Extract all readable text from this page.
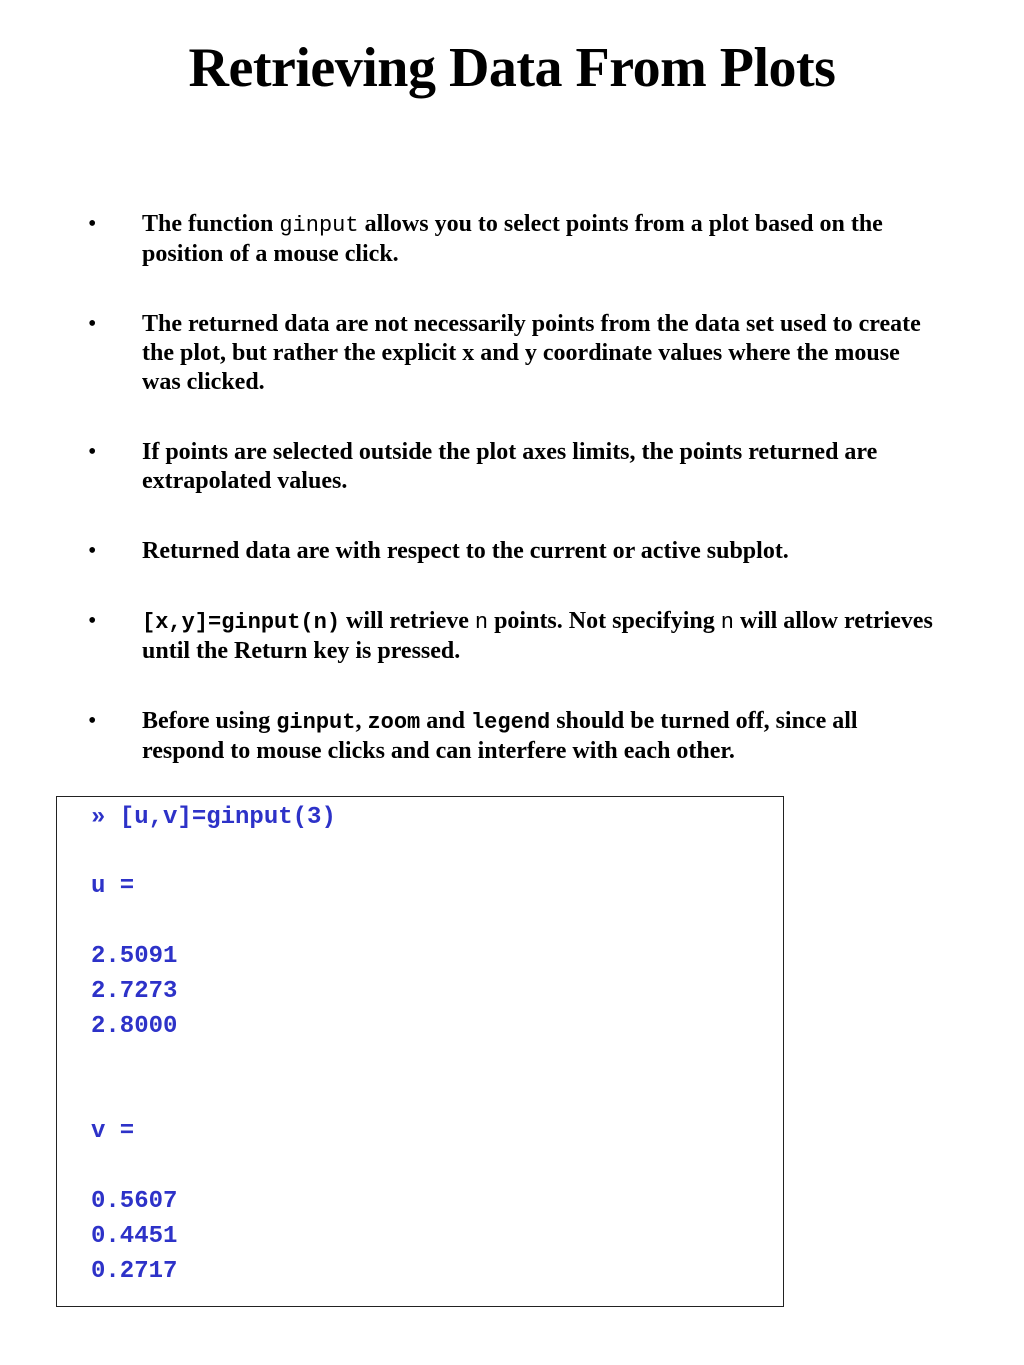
Retrieving Data From Plots
•	The function ginput allows you to select points from a plot based on the position of a mouse click.
•	The returned data are not necessarily points from the data set used to create the plot, but rather the explicit x and y coordinate values where the mouse was clicked.
•	If points are selected outside the plot axes limits, the points returned are extrapolated values.
•	Returned data are with respect to the current or active subplot.
•	[x,y]=ginput(n) will retrieve n points. Not specifying n will allow retrieves until the Return key is pressed.
•	Before using ginput, zoom and legend should be turned off, since all respond to mouse clicks and can interfere with each other.
» [u,v]=ginput(3)
u =
2.5091
2.7273
2.8000
v =
0.5607
0.4451
0.2717
